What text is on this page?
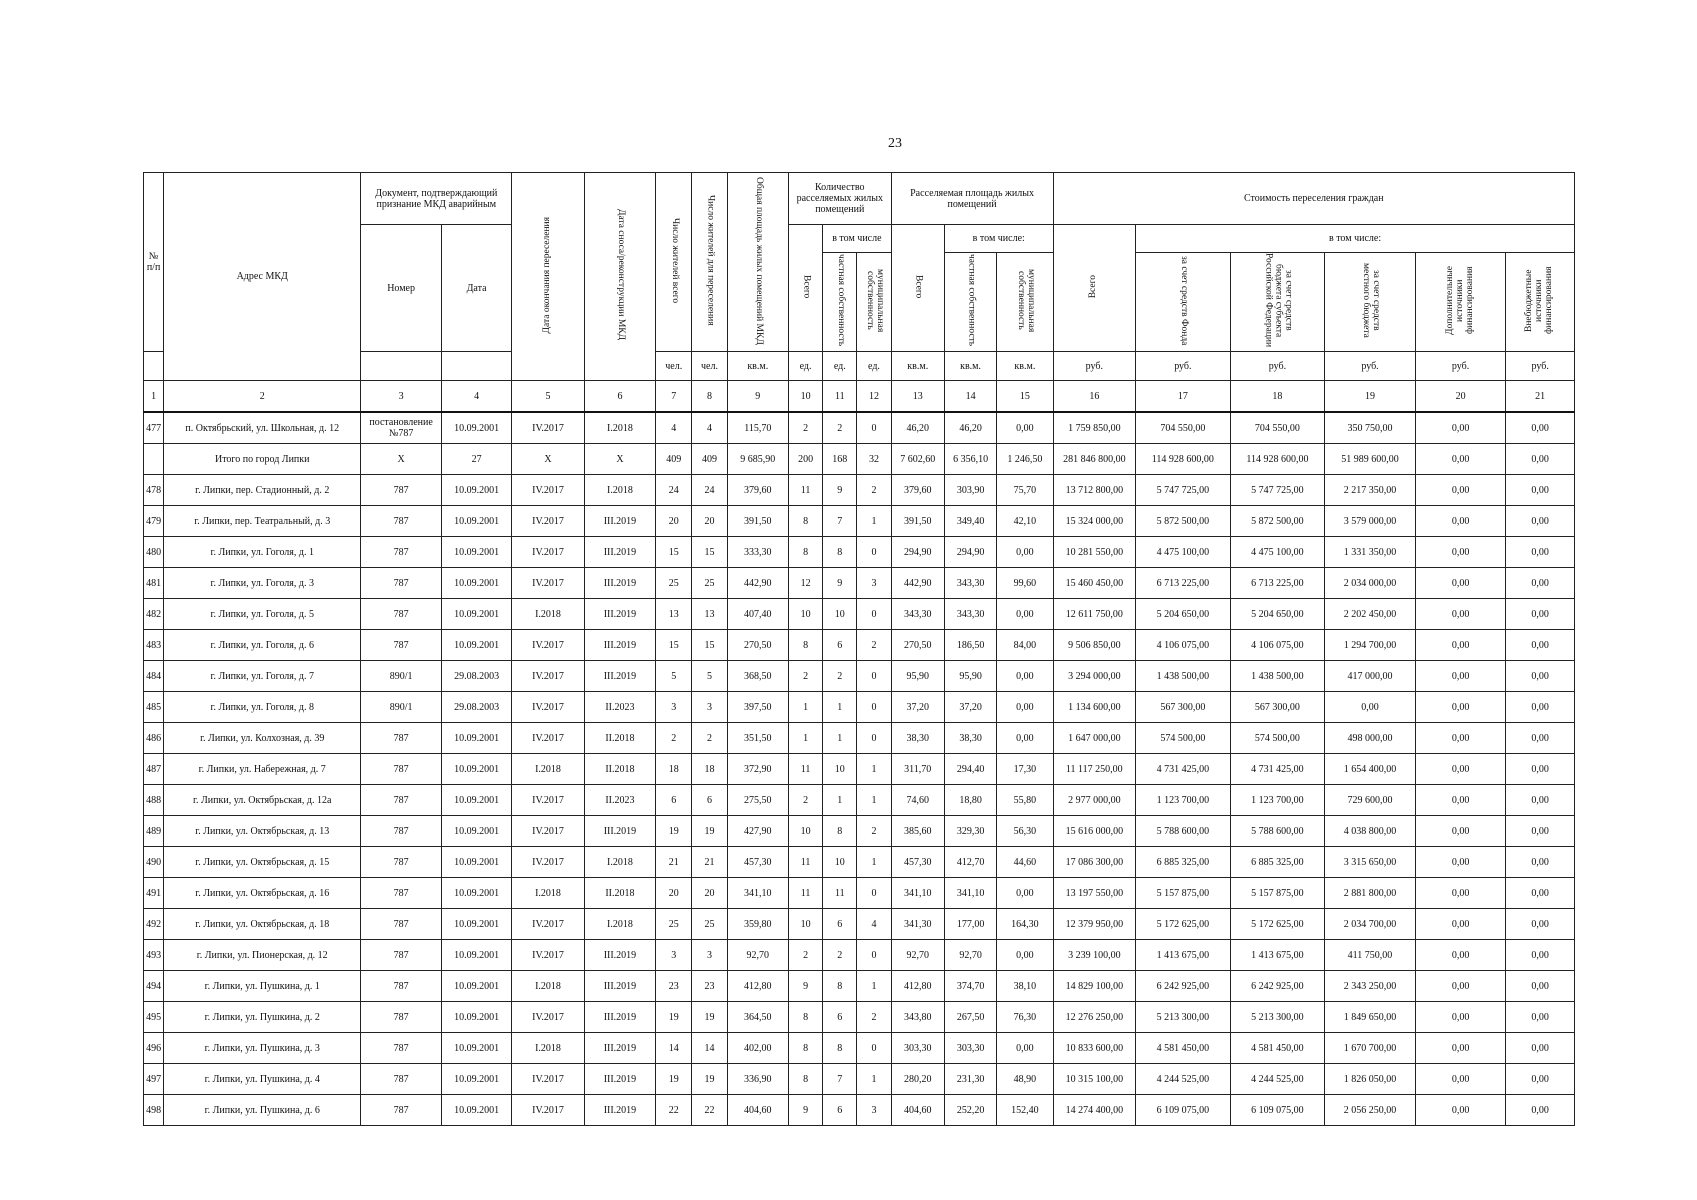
23
№ п/п	Адрес МКД	Документ, подтверждающий признание МКД аварийным		Дата окончания переселения	Дата сноса/реконструкции МКД	Число жителей всего	Число жителей для переселения	Общая площадь жилых помещений МКД	Количество расселяемых жилых помещений			Расселяемая площадь жилых помещений			Стоимость переселения граждан					
		Номер	Дата						Всего	в том числе		Всего	в том числе:		Всего	в том числе:				
										частная собственность	муниципальная собственность		частная собственность	муниципальная собственность		за счет средств Фонда	за счет средств бюджета субъекта Российской Федерации	за счет средств местного бюджета	Дополнительные источники финансирования	Внебюджетные источники финансирования
						чел.	чел.	кв.м.	ед.	ед.	ед.	кв.м.	кв.м.	кв.м.	руб.	руб.	руб.	руб.	руб.	руб.
1	2	3	4	5	6	7	8	9	10	11	12	13	14	15	16	17	18	19	20	21
477	п. Октябрьский, ул. Школьная, д. 12	постановление №787	10.09.2001	IV.2017	I.2018	4	4	115,70	2	2	0	46,20	46,20	0,00	1 759 850,00	704 550,00	704 550,00	350 750,00	0,00	0,00
	Итого по город Липки	X	27	X	X	409	409	9 685,90	200	168	32	7 602,60	6 356,10	1 246,50	281 846 800,00	114 928 600,00	114 928 600,00	51 989 600,00	0,00	0,00
478	г. Липки, пер. Стадионный, д. 2	787	10.09.2001	IV.2017	I.2018	24	24	379,60	11	9	2	379,60	303,90	75,70	13 712 800,00	5 747 725,00	5 747 725,00	2 217 350,00	0,00	0,00
479	г. Липки, пер. Театральный, д. 3	787	10.09.2001	IV.2017	III.2019	20	20	391,50	8	7	1	391,50	349,40	42,10	15 324 000,00	5 872 500,00	5 872 500,00	3 579 000,00	0,00	0,00
480	г. Липки, ул. Гоголя, д. 1	787	10.09.2001	IV.2017	III.2019	15	15	333,30	8	8	0	294,90	294,90	0,00	10 281 550,00	4 475 100,00	4 475 100,00	1 331 350,00	0,00	0,00
481	г. Липки, ул. Гоголя, д. 3	787	10.09.2001	IV.2017	III.2019	25	25	442,90	12	9	3	442,90	343,30	99,60	15 460 450,00	6 713 225,00	6 713 225,00	2 034 000,00	0,00	0,00
482	г. Липки, ул. Гоголя, д. 5	787	10.09.2001	I.2018	III.2019	13	13	407,40	10	10	0	343,30	343,30	0,00	12 611 750,00	5 204 650,00	5 204 650,00	2 202 450,00	0,00	0,00
483	г. Липки, ул. Гоголя, д. 6	787	10.09.2001	IV.2017	III.2019	15	15	270,50	8	6	2	270,50	186,50	84,00	9 506 850,00	4 106 075,00	4 106 075,00	1 294 700,00	0,00	0,00
484	г. Липки, ул. Гоголя, д. 7	890/1	29.08.2003	IV.2017	III.2019	5	5	368,50	2	2	0	95,90	95,90	0,00	3 294 000,00	1 438 500,00	1 438 500,00	417 000,00	0,00	0,00
485	г. Липки, ул. Гоголя, д. 8	890/1	29.08.2003	IV.2017	II.2023	3	3	397,50	1	1	0	37,20	37,20	0,00	1 134 600,00	567 300,00	567 300,00	0,00	0,00	0,00
486	г. Липки, ул. Колхозная, д. 39	787	10.09.2001	IV.2017	II.2018	2	2	351,50	1	1	0	38,30	38,30	0,00	1 647 000,00	574 500,00	574 500,00	498 000,00	0,00	0,00
487	г. Липки, ул. Набережная, д. 7	787	10.09.2001	I.2018	II.2018	18	18	372,90	11	10	1	311,70	294,40	17,30	11 117 250,00	4 731 425,00	4 731 425,00	1 654 400,00	0,00	0,00
488	г. Липки, ул. Октябрьская, д. 12а	787	10.09.2001	IV.2017	II.2023	6	6	275,50	2	1	1	74,60	18,80	55,80	2 977 000,00	1 123 700,00	1 123 700,00	729 600,00	0,00	0,00
489	г. Липки, ул. Октябрьская, д. 13	787	10.09.2001	IV.2017	III.2019	19	19	427,90	10	8	2	385,60	329,30	56,30	15 616 000,00	5 788 600,00	5 788 600,00	4 038 800,00	0,00	0,00
490	г. Липки, ул. Октябрьская, д. 15	787	10.09.2001	IV.2017	I.2018	21	21	457,30	11	10	1	457,30	412,70	44,60	17 086 300,00	6 885 325,00	6 885 325,00	3 315 650,00	0,00	0,00
491	г. Липки, ул. Октябрьская, д. 16	787	10.09.2001	I.2018	II.2018	20	20	341,10	11	11	0	341,10	341,10	0,00	13 197 550,00	5 157 875,00	5 157 875,00	2 881 800,00	0,00	0,00
492	г. Липки, ул. Октябрьская, д. 18	787	10.09.2001	IV.2017	I.2018	25	25	359,80	10	6	4	341,30	177,00	164,30	12 379 950,00	5 172 625,00	5 172 625,00	2 034 700,00	0,00	0,00
493	г. Липки, ул. Пионерская, д. 12	787	10.09.2001	IV.2017	III.2019	3	3	92,70	2	2	0	92,70	92,70	0,00	3 239 100,00	1 413 675,00	1 413 675,00	411 750,00	0,00	0,00
494	г. Липки, ул. Пушкина, д. 1	787	10.09.2001	I.2018	III.2019	23	23	412,80	9	8	1	412,80	374,70	38,10	14 829 100,00	6 242 925,00	6 242 925,00	2 343 250,00	0,00	0,00
495	г. Липки, ул. Пушкина, д. 2	787	10.09.2001	IV.2017	III.2019	19	19	364,50	8	6	2	343,80	267,50	76,30	12 276 250,00	5 213 300,00	5 213 300,00	1 849 650,00	0,00	0,00
496	г. Липки, ул. Пушкина, д. 3	787	10.09.2001	I.2018	III.2019	14	14	402,00	8	8	0	303,30	303,30	0,00	10 833 600,00	4 581 450,00	4 581 450,00	1 670 700,00	0,00	0,00
497	г. Липки, ул. Пушкина, д. 4	787	10.09.2001	IV.2017	III.2019	19	19	336,90	8	7	1	280,20	231,30	48,90	10 315 100,00	4 244 525,00	4 244 525,00	1 826 050,00	0,00	0,00
498	г. Липки, ул. Пушкина, д. 6	787	10.09.2001	IV.2017	III.2019	22	22	404,60	9	6	3	404,60	252,20	152,40	14 274 400,00	6 109 075,00	6 109 075,00	2 056 250,00	0,00	0,00
